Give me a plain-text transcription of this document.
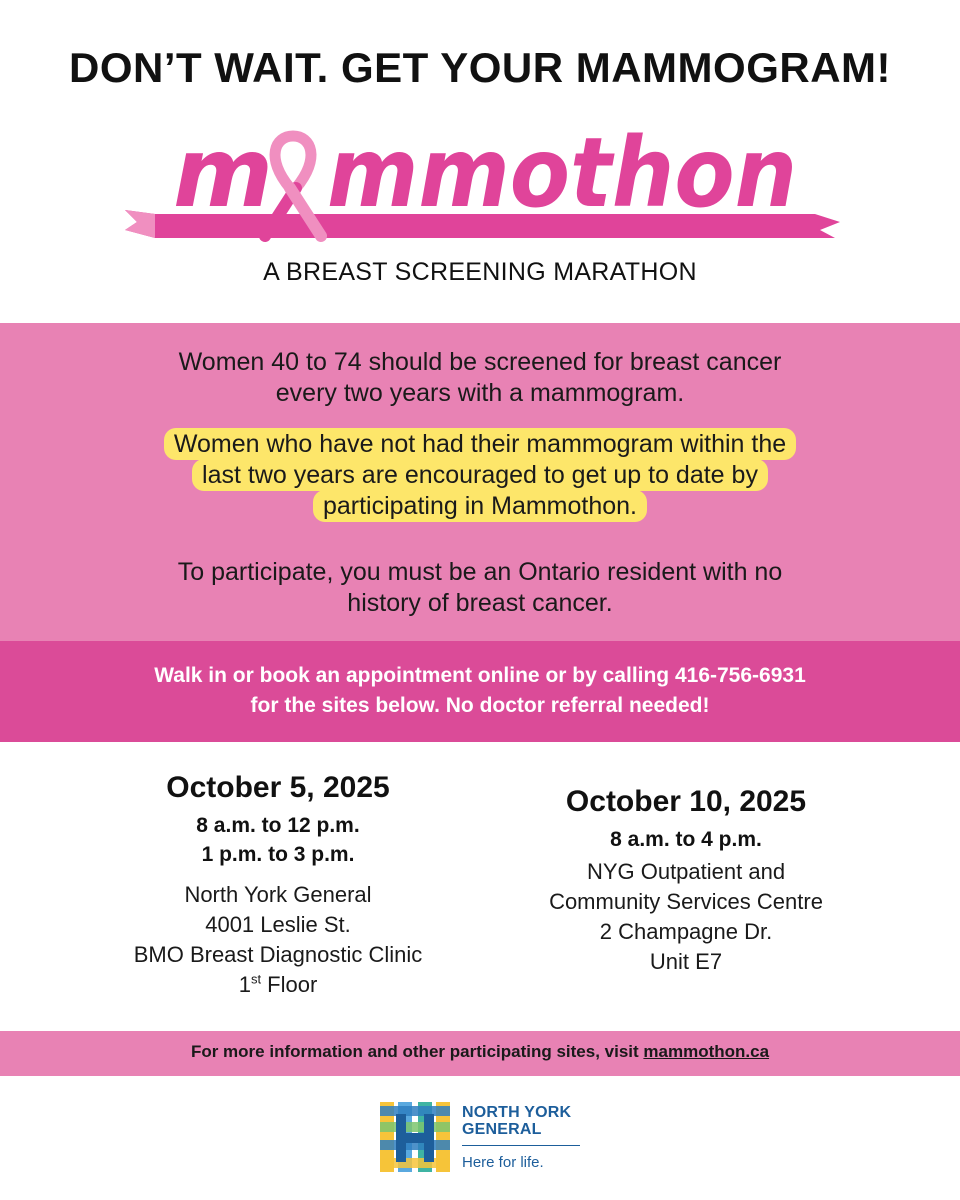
DON’T WAIT. GET YOUR MAMMOGRAM!
m mmothon
A BREAST SCREENING MARATHON
Women 40 to 74 should be screened for breast cancer
every two years with a mammogram.
Women who have not had their mammogram within the
last two years are encouraged to get up to date by
participating in Mammothon.
To participate, you must be an Ontario resident with no
history of breast cancer.
Walk in or book an appointment online or by calling 416-756-6931
for the sites below. No doctor referral needed!
October 5, 2025
8 a.m. to 12 p.m.
1 p.m. to 3 p.m.
North York General
4001 Leslie St.
BMO Breast Diagnostic Clinic
1st Floor
October 10, 2025
8 a.m. to 4 p.m.
NYG Outpatient and
Community Services Centre
2 Champagne Dr.
Unit E7
For more information and other participating sites, visit mammothon.ca
NORTH YORK
GENERAL
Here for life.
